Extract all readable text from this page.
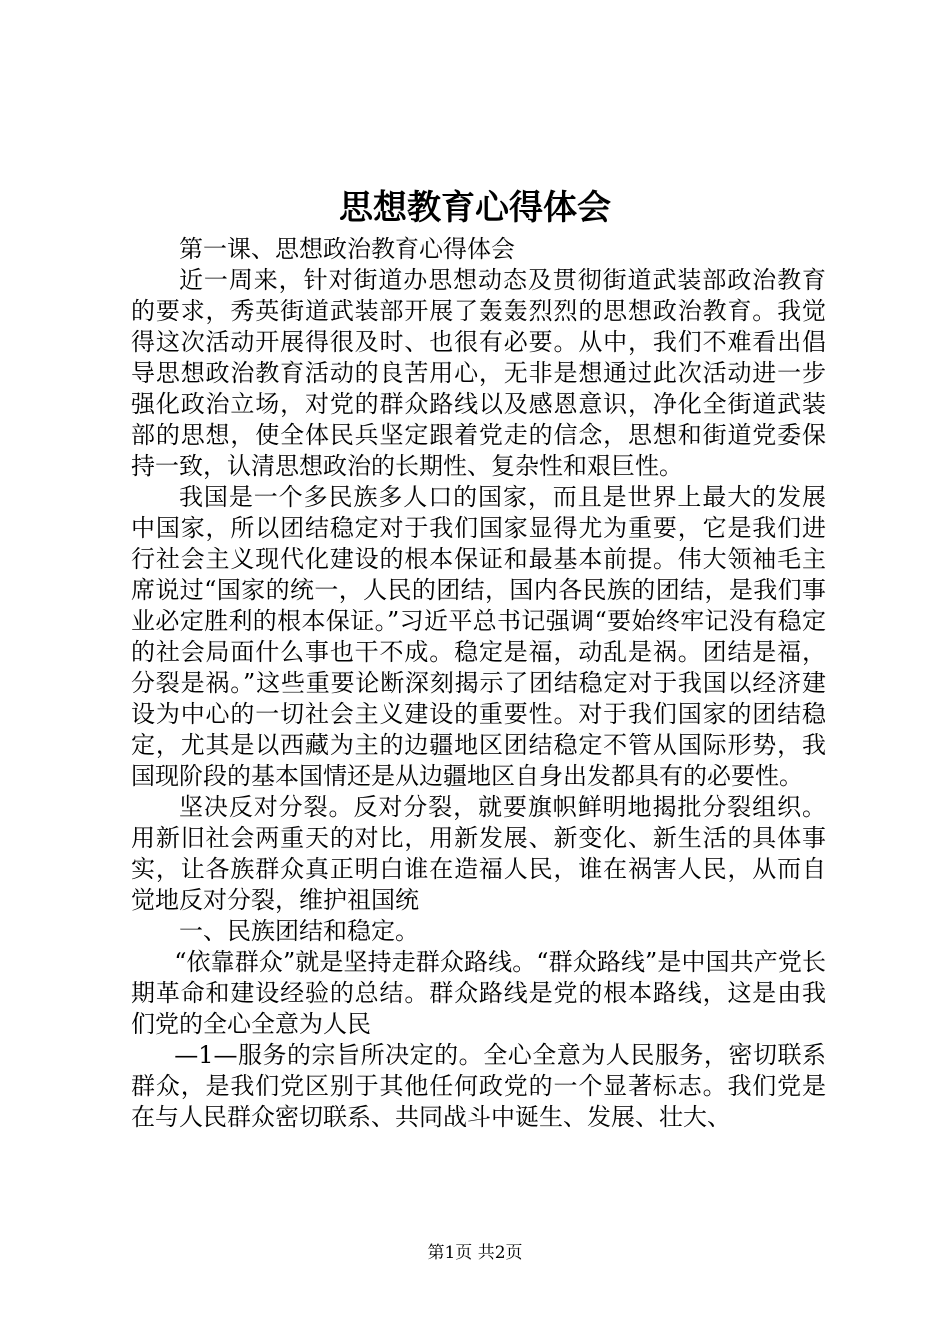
思想教育心得体会

第一课、思想政治教育心得体会

近一周来，针对街道办思想动态及贯彻街道武装部政治教育的要求，秀英街道武装部开展了轰轰烈烈的思想政治教育。我觉得这次活动开展得很及时、也很有必要。从中，我们不难看出倡导思想政治教育活动的良苦用心，无非是想通过此次活动进一步强化政治立场，对党的群众路线以及感恩意识，净化全街道武装部的思想，使全体民兵坚定跟着党走的信念，思想和街道党委保持一致，认清思想政治的长期性、复杂性和艰巨性。

我国是一个多民族多人口的国家，而且是世界上最大的发展中国家，所以团结稳定对于我们国家显得尤为重要，它是我们进行社会主义现代化建设的根本保证和最基本前提。伟大领袖毛主席说过“国家的统一，人民的团结，国内各民族的团结，是我们事业必定胜利的根本保证。”习近平总书记强调“要始终牢记没有稳定的社会局面什么事也干不成。稳定是福，动乱是祸。团结是福，分裂是祸。”这些重要论断深刻揭示了团结稳定对于我国以经济建设为中心的一切社会主义建设的重要性。对于我们国家的团结稳定，尤其是以西藏为主的边疆地区团结稳定不管从国际形势，我国现阶段的基本国情还是从边疆地区自身出发都具有的必要性。

坚决反对分裂。反对分裂，就要旗帜鲜明地揭批分裂组织。用新旧社会两重天的对比，用新发展、新变化、新生活的具体事实，让各族群众真正明白谁在造福人民，谁在祸害人民，从而自觉地反对分裂，维护祖国统

一、民族团结和稳定。

“依靠群众”就是坚持走群众路线。“群众路线”是中国共产党长期革命和建设经验的总结。群众路线是党的根本路线，这是由我们党的全心全意为人民

—1—服务的宗旨所决定的。全心全意为人民服务，密切联系群众，是我们党区别于其他任何政党的一个显著标志。我们党是在与人民群众密切联系、共同战斗中诞生、发展、壮大、

第1页 共2页
